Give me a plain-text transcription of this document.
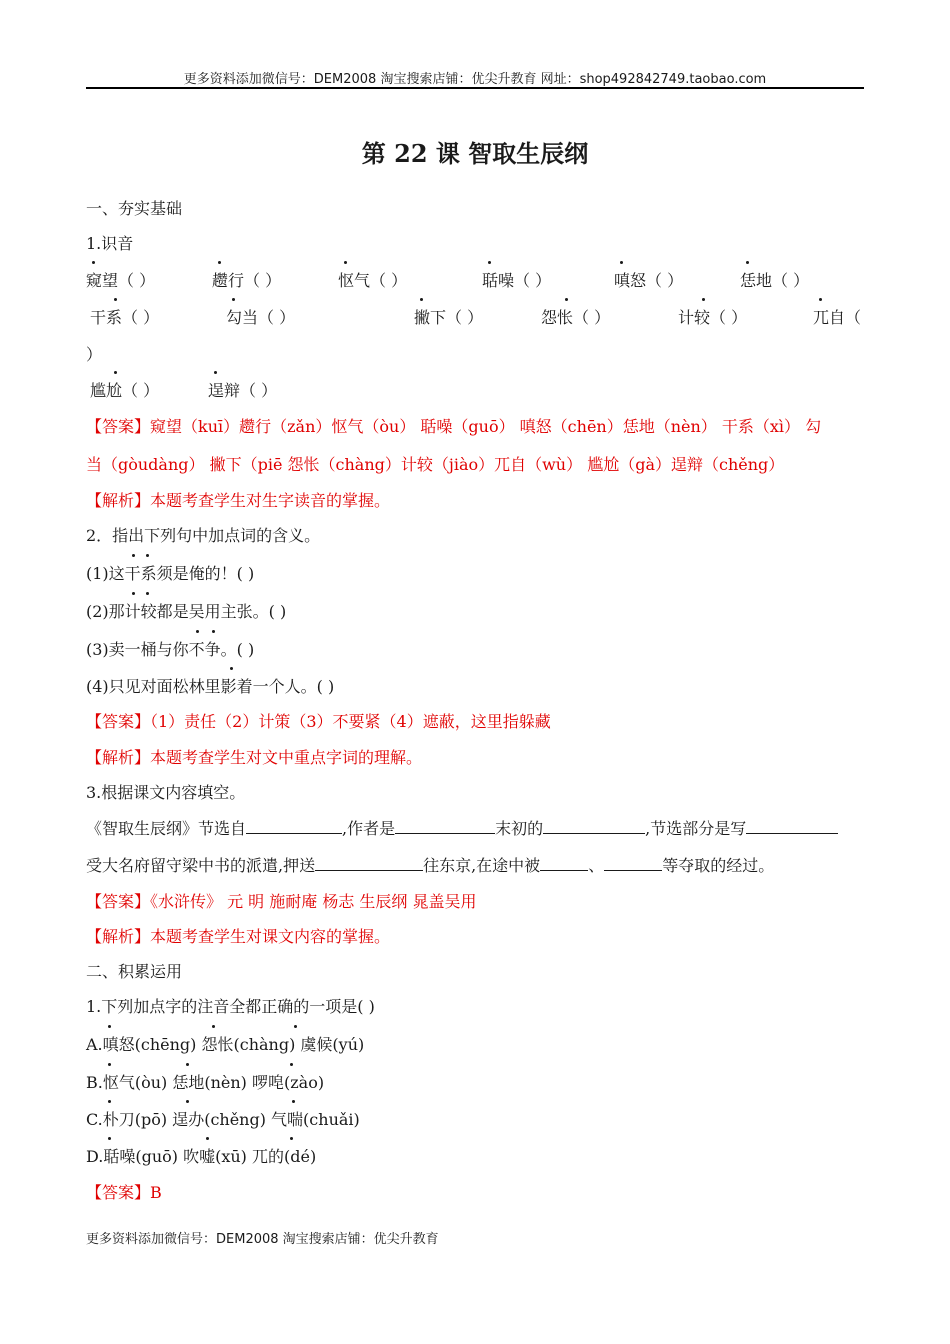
更多资料添加微信号：DEM2008 淘宝搜索店铺：优尖升教育 网址：shop492842749.taobao.com
第 22 课 智取生辰纲
一、夯实基础
1.识音
窥望（ ）	趱行（ ）	怄气（ ）	聒噪（ ）	嗔怒（ ）	恁地（ ）
干系（ ）	勾当（ ）	撇下（ ）	怨怅（ ）	计较（ ）	兀自（
）
尴尬（ ）	逞辩（ ）
【答案】窥望（kuī）趱行（zǎn）怄气（òu） 聒噪（guō） 嗔怒（chēn）恁地（nèn） 干系（xì） 勾
当（gòudàng） 撇下（piē 怨怅（chàng）计较（jiào）兀自（wù） 尴尬（gà）逞辩（chěng）
【解析】本题考查学生对生字读音的掌握。
2．指出下列句中加点词的含义。
(1)这干系须是俺的！( )
(2)那计较都是吴用主张。( )
(3)卖一桶与你不争。( )
(4)只见对面松林里影着一个人。( )
【答案】（1）责任（2）计策（3）不要紧（4）遮蔽，这里指躲藏
【解析】本题考查学生对文中重点字词的理解。
3.根据课文内容填空。
《智取生辰纲》节选自	,作者是	末初的	,节选部分是写
受大名府留守梁中书的派遣,押送	往东京,在途中被	、	等夺取的经过。
【答案】《水浒传》 元 明 施耐庵 杨志 生辰纲 晁盖吴用
【解析】本题考查学生对课文内容的掌握。
二、积累运用
1.下列加点字的注音全都正确的一项是( )
A.嗔怒(chēng) 怨怅(chàng) 虞候(yú)
B.怄气(òu) 恁地(nèn) 啰唣(zào)
C.朴刀(pō) 逞办(chěng) 气喘(chuǎi)
D.聒噪(guō) 吹嘘(xū) 兀的(dé)
【答案】B
更多资料添加微信号：DEM2008 淘宝搜索店铺：优尖升教育
